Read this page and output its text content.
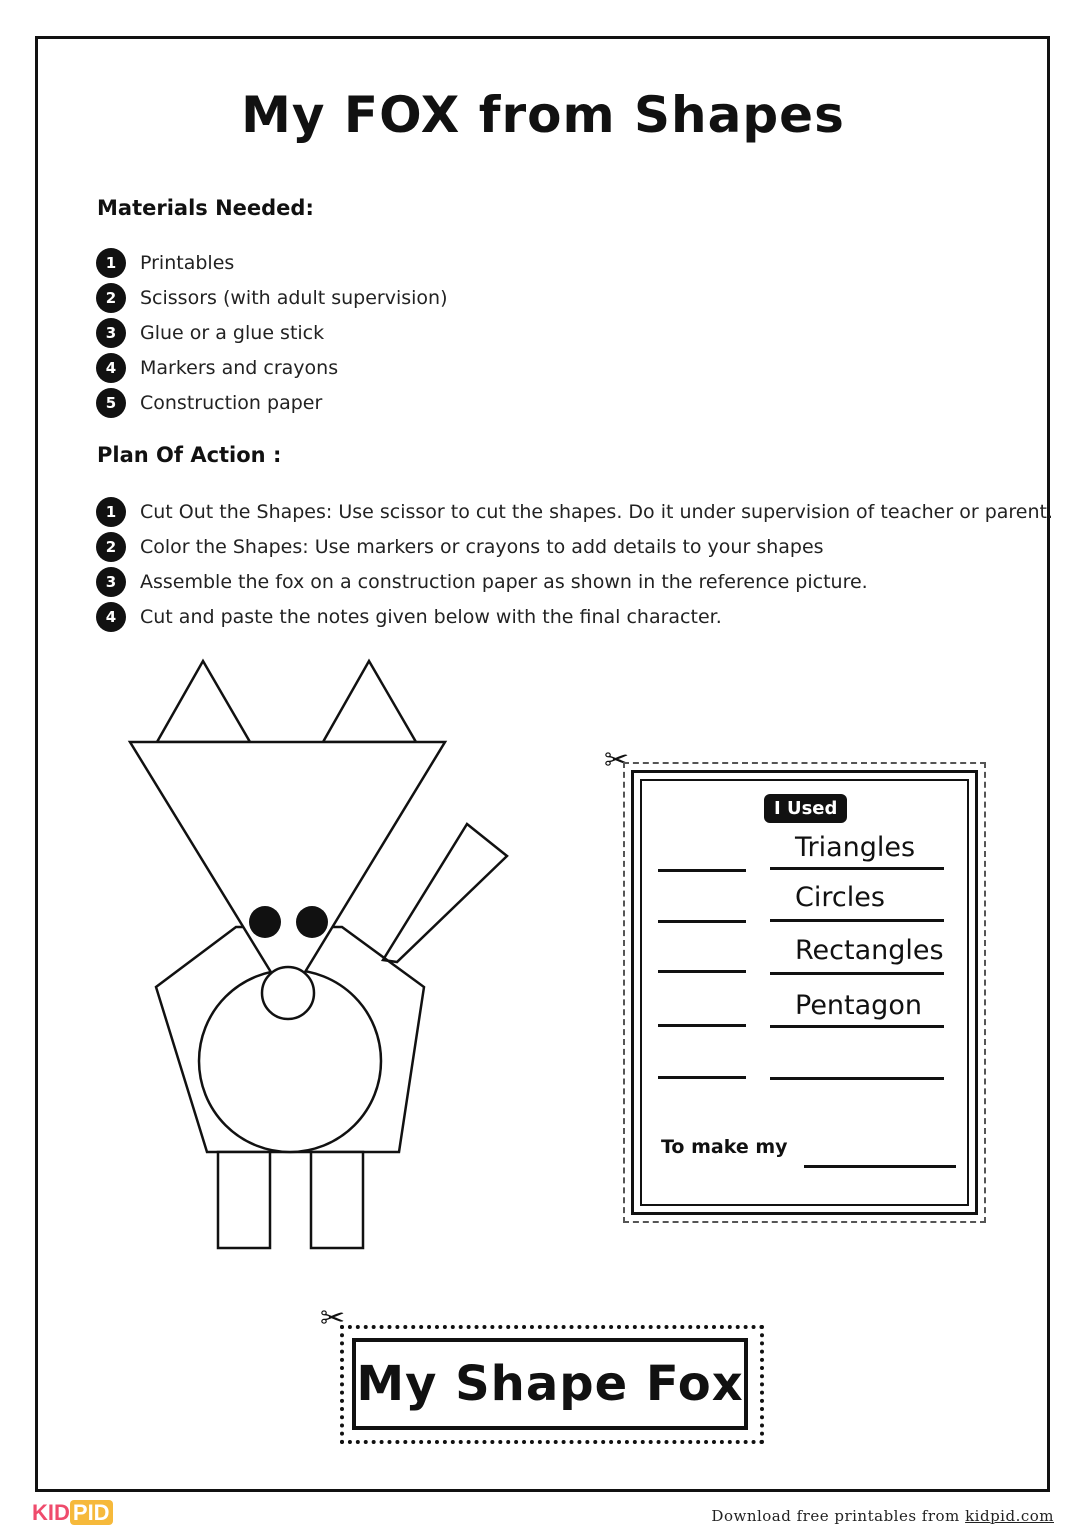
My FOX from Shapes
Materials Needed:
1	Printables
2	Scissors (with adult supervision)
3	Glue or a glue stick
4	Markers and crayons
5	Construction paper
Plan Of Action :
1	Cut Out the Shapes: Use scissor to cut the shapes. Do it under supervision of teacher or parent.
2	Color the Shapes: Use markers or crayons to add details to your shapes
3	Assemble the fox on a construction paper as shown in the reference picture.
4	Cut and paste the notes given below with the final character.
✂
I Used
Triangles
Circles
Rectangles
Pentagon
To make my
✂
My Shape Fox
KID PID	Download free printables from kidpid.com
